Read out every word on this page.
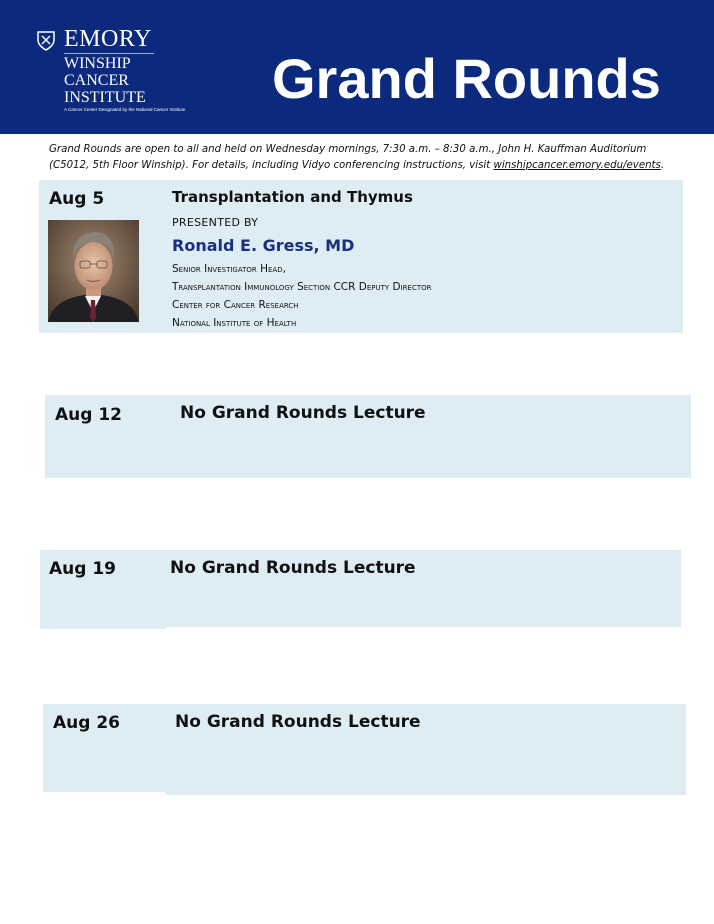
EMORY
WINSHIP
CANCER
INSTITUTE
A Cancer Center Designated by the National Cancer Institute Grand Rounds
Grand Rounds are open to all and held on Wednesday mornings, 7:30 a.m. – 8:30 a.m., John H. Kauffman Auditorium (C5012, 5th Floor Winship). For details, including Vidyo conferencing instructions, visit winshipcancer.emory.edu/events.
Aug 5	Transplantation and Thymus
PRESENTED BY
Ronald E. Gress, MD
Senior Investigator Head,
Transplantation Immunology Section CCR Deputy Director
Center for Cancer Research
National Institute of Health
Aug 12	No Grand Rounds Lecture
Aug 19	No Grand Rounds Lecture
Aug 26	No Grand Rounds Lecture
